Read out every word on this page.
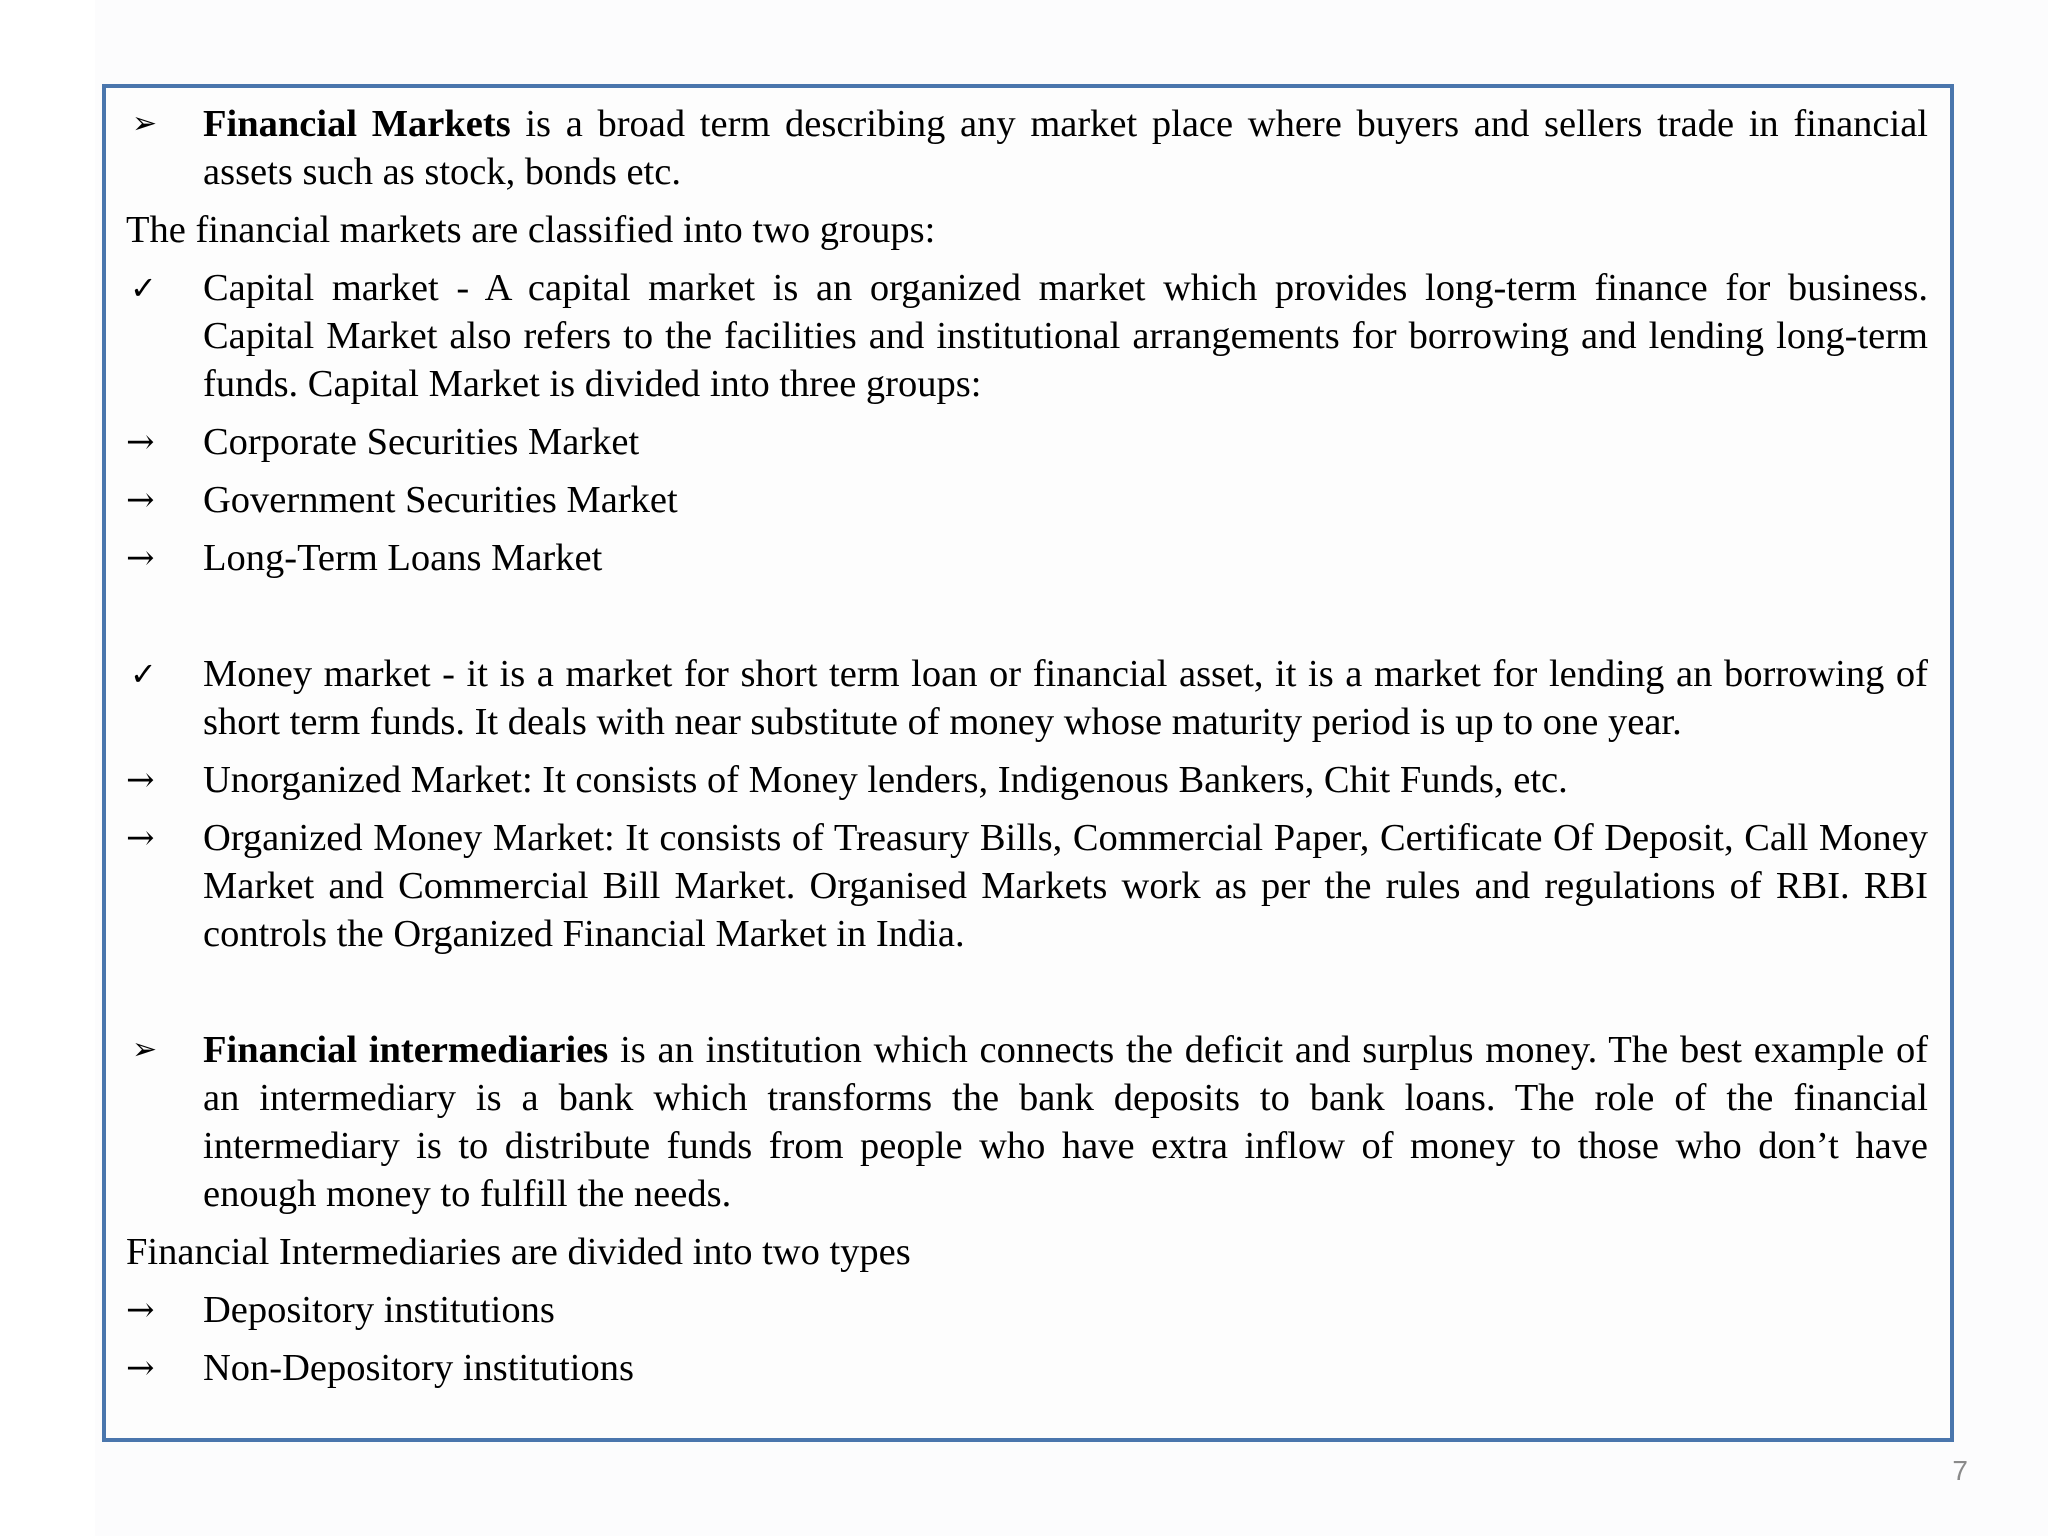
➢	Financial Markets is a broad term describing any market place where buyers and sellers trade in financial assets such as stock, bonds etc.
The financial markets are classified into two groups:
✓	Capital market - A capital market is an organized market which provides long-term finance for business. Capital Market also refers to the facilities and institutional arrangements for borrowing and lending long-term funds. Capital Market is divided into three groups:
→	Corporate Securities Market
→	Government Securities Market
→	Long-Term Loans Market
✓	Money market - it is a market for short term loan or financial asset, it is a market for lending an borrowing of short term funds. It deals with near substitute of money whose maturity period is up to one year.
→	Unorganized Market: It consists of Money lenders, Indigenous Bankers, Chit Funds, etc.
→	Organized Money Market: It consists of Treasury Bills, Commercial Paper, Certificate Of Deposit, Call Money Market and Commercial Bill Market. Organised Markets work as per the rules and regulations of RBI. RBI controls the Organized Financial Market in India.
➢	Financial intermediaries is an institution which connects the deficit and surplus money. The best example of an intermediary is a bank which transforms the bank deposits to bank loans. The role of the financial intermediary is to distribute funds from people who have extra inflow of money to those who don’t have enough money to fulfill the needs.
Financial Intermediaries are divided into two types
→	Depository institutions
→	Non-Depository institutions
7
